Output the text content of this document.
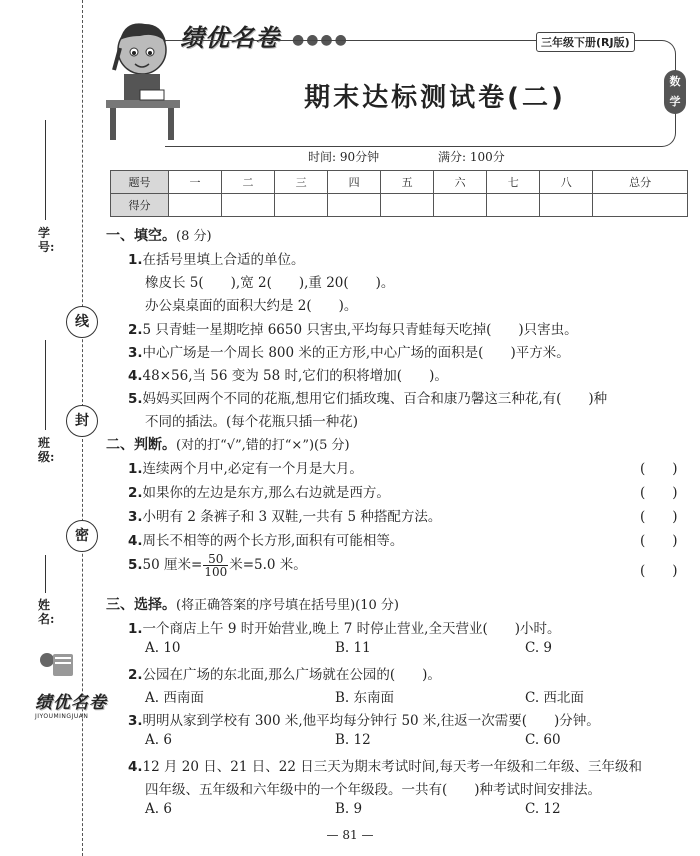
学号:
线
班级:
封
密
姓名:
绩优名卷
JIYOUMINGJUAN
绩优名卷 ●●●●	三年级下册(RJ版)
期末达标测试卷(二)
数
学
时间: 90分钟	满分: 100分
题号	一	二	三	四	五	六	七	八	总分
得分									
一、填空。(8 分)
1.在括号里填上合适的单位。
橡皮长 5(　　),宽 2(　　),重 20(　　)。
办公桌桌面的面积大约是 2(　　)。
2.5 只青蛙一星期吃掉 6650 只害虫,平均每只青蛙每天吃掉(　　)只害虫。
3.中心广场是一个周长 800 米的正方形,中心广场的面积是(　　)平方米。
4.48×56,当 56 变为 58 时,它们的积将增加(　　)。
5.妈妈买回两个不同的花瓶,想用它们插玫瑰、百合和康乃馨这三种花,有(　　)种
不同的插法。(每个花瓶只插一种花)
二、判断。(对的打“√”,错的打“×”)(5 分)
1.连续两个月中,必定有一个月是大月。	(　　)
2.如果你的左边是东方,那么右边就是西方。	(　　)
3.小明有 2 条裤子和 3 双鞋,一共有 5 种搭配方法。	(　　)
4.周长不相等的两个长方形,面积有可能相等。	(　　)
5.50 厘米= $\frac{50}{100}$ 米=5.0 米。	(　　)
三、选择。(将正确答案的序号填在括号里)(10 分)
1.一个商店上午 9 时开始营业,晚上 7 时停止营业,全天营业(　　)小时。
A. 10	B. 11	C. 9
2.公园在广场的东北面,那么广场就在公园的(　　)。
A. 西南面	B. 东南面	C. 西北面
3.明明从家到学校有 300 米,他平均每分钟行 50 米,往返一次需要(　　)分钟。
A. 6	B. 12	C. 60
4.12 月 20 日、21 日、22 日三天为期末考试时间,每天考一年级和二年级、三年级和
四年级、五年级和六年级中的一个年级段。一共有(　　)种考试时间安排法。
A. 6	B. 9	C. 12
— 81 —
